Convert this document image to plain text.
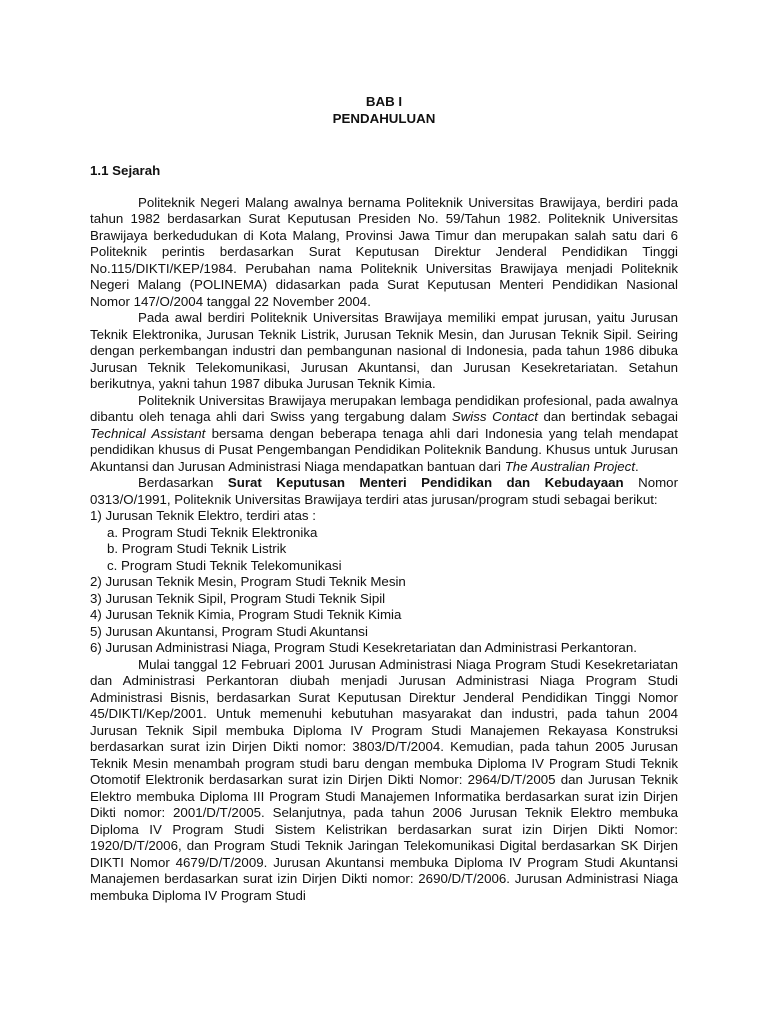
BAB I

PENDAHULUAN

1.1 Sejarah

Politeknik Negeri Malang awalnya bernama Politeknik Universitas Brawijaya, berdiri pada tahun 1982 berdasarkan Surat Keputusan Presiden No. 59/Tahun 1982. Politeknik Universitas Brawijaya berkedudukan di Kota Malang, Provinsi Jawa Timur dan merupakan salah satu dari 6 Politeknik perintis berdasarkan Surat Keputusan Direktur Jenderal Pendidikan Tinggi No.115/DIKTI/KEP/1984. Perubahan nama Politeknik Universitas Brawijaya menjadi Politeknik Negeri Malang (POLINEMA) didasarkan pada Surat Keputusan Menteri Pendidikan Nasional Nomor 147/O/2004 tanggal 22 November 2004.

Pada awal berdiri Politeknik Universitas Brawijaya memiliki empat jurusan, yaitu Jurusan Teknik Elektronika, Jurusan Teknik Listrik, Jurusan Teknik Mesin, dan Jurusan Teknik Sipil. Seiring dengan perkembangan industri dan pembangunan nasional di Indonesia, pada tahun 1986 dibuka Jurusan Teknik Telekomunikasi, Jurusan Akuntansi, dan Jurusan Kesekretariatan. Setahun berikutnya, yakni tahun 1987 dibuka Jurusan Teknik Kimia.

Politeknik Universitas Brawijaya merupakan lembaga pendidikan profesional, pada awalnya dibantu oleh tenaga ahli dari Swiss yang tergabung dalam Swiss Contact dan bertindak sebagai Technical Assistant bersama dengan beberapa tenaga ahli dari Indonesia yang telah mendapat pendidikan khusus di Pusat Pengembangan Pendidikan Politeknik Bandung. Khusus untuk Jurusan Akuntansi dan Jurusan Administrasi Niaga mendapatkan bantuan dari The Australian Project.

Berdasarkan Surat Keputusan Menteri Pendidikan dan Kebudayaan Nomor 0313/O/1991, Politeknik Universitas Brawijaya terdiri atas jurusan/program studi sebagai berikut:

1) Jurusan Teknik Elektro, terdiri atas :

a. Program Studi Teknik Elektronika

b. Program Studi Teknik Listrik

c. Program Studi Teknik Telekomunikasi

2) Jurusan Teknik Mesin, Program Studi Teknik Mesin

3) Jurusan Teknik Sipil, Program Studi Teknik Sipil

4) Jurusan Teknik Kimia, Program Studi Teknik Kimia

5) Jurusan Akuntansi, Program Studi Akuntansi

6) Jurusan Administrasi Niaga, Program Studi Kesekretariatan dan Administrasi Perkantoran.

Mulai tanggal 12 Februari 2001 Jurusan Administrasi Niaga Program Studi Kesekretariatan dan Administrasi Perkantoran diubah menjadi Jurusan Administrasi Niaga Program Studi Administrasi Bisnis, berdasarkan Surat Keputusan Direktur Jenderal Pendidikan Tinggi Nomor 45/DIKTI/Kep/2001. Untuk memenuhi kebutuhan masyarakat dan industri, pada tahun 2004 Jurusan Teknik Sipil membuka Diploma IV Program Studi Manajemen Rekayasa Konstruksi berdasarkan surat izin Dirjen Dikti nomor: 3803/D/T/2004. Kemudian, pada tahun 2005 Jurusan Teknik Mesin menambah program studi baru dengan membuka Diploma IV Program Studi Teknik Otomotif Elektronik berdasarkan surat izin Dirjen Dikti Nomor: 2964/D/T/2005 dan Jurusan Teknik Elektro membuka Diploma III Program Studi Manajemen Informatika berdasarkan surat izin Dirjen Dikti nomor: 2001/D/T/2005. Selanjutnya, pada tahun 2006 Jurusan Teknik Elektro membuka Diploma IV Program Studi Sistem Kelistrikan berdasarkan surat izin Dirjen Dikti Nomor: 1920/D/T/2006, dan Program Studi Teknik Jaringan Telekomunikasi Digital berdasarkan SK Dirjen DIKTI Nomor 4679/D/T/2009. Jurusan Akuntansi membuka Diploma IV Program Studi Akuntansi Manajemen berdasarkan surat izin Dirjen Dikti nomor: 2690/D/T/2006. Jurusan Administrasi Niaga membuka Diploma IV Program Studi
